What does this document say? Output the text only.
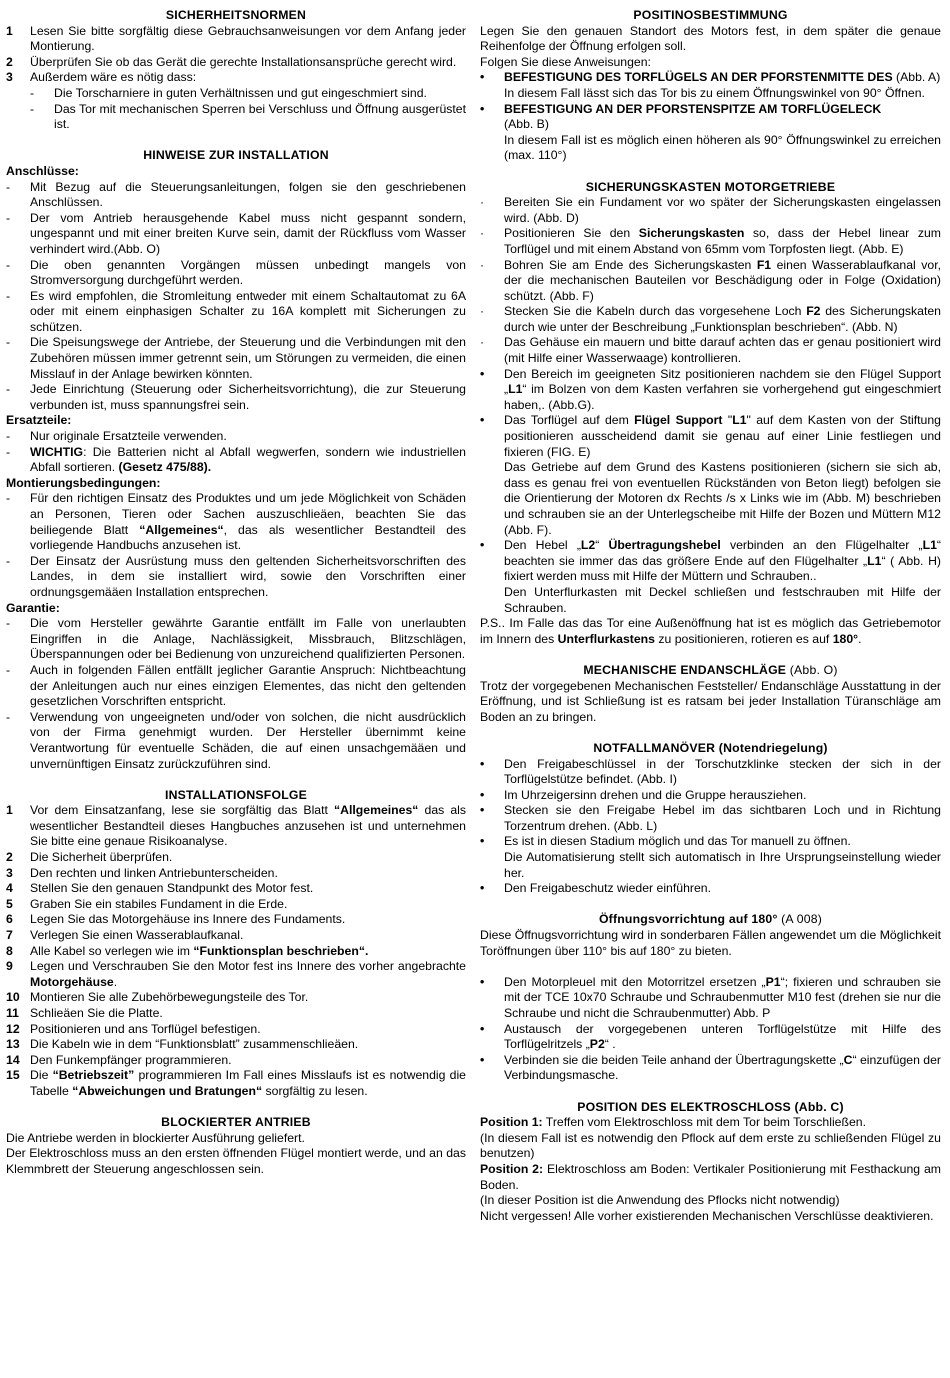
SICHERHEITSNORMEN
1	Lesen Sie bitte sorgfältig diese Gebrauchsanweisungen vor dem Anfang jeder Montierung.
2	Überprüfen Sie ob das Gerät die gerechte Installationsansprüche gerecht wird.
3	Außerdem wäre es nötig dass:
-	Die Torscharniere in guten Verhältnissen und gut eingeschmiert sind.
-	Das Tor mit mechanischen Sperren bei Verschluss und Öffnung ausgerüstet ist.
HINWEISE ZUR INSTALLATION
Anschlüsse:
-	Mit Bezug auf die Steuerungsanleitungen, folgen sie den geschriebenen Anschlüssen.
-	Der vom Antrieb herausgehende Kabel muss nicht gespannt sondern, ungespannt und mit einer breiten Kurve sein, damit der Rückfluss vom Wasser verhindert wird.(Abb. O)
-	Die oben genannten Vorgängen müssen unbedingt mangels von Stromversorgung durchgeführt werden.
-	Es wird empfohlen, die Stromleitung entweder mit einem Schaltautomat zu 6A oder mit einem einphasigen Schalter zu 16A komplett mit Sicherungen zu schützen.
-	Die Speisungswege der Antriebe, der Steuerung und die Verbindungen mit den Zubehören müssen immer getrennt sein, um Störungen zu vermeiden, die einen Misslauf in der Anlage bewirken könnten.
-	Jede Einrichtung (Steuerung oder Sicherheitsvorrichtung), die zur Steuerung verbunden ist, muss spannungsfrei sein.
Ersatzteile:
-	Nur originale Ersatzteile verwenden.
-	WICHTIG: Die Batterien nicht al Abfall wegwerfen, sondern wie industriellen Abfall sortieren. (Gesetz 475/88).
Montierungsbedingungen:
-	Für den richtigen Einsatz des Produktes und um jede Möglichkeit von Schäden an Personen, Tieren oder Sachen auszuschlieäen, beachten Sie das beiliegende Blatt “Allgemeines“, das als wesentlicher Bestandteil des vorliegende Handbuchs anzusehen ist.
-	Der Einsatz der Ausrüstung muss den geltenden Sicherheitsvorschriften des Landes, in dem sie installiert wird, sowie den Vorschriften einer ordnungsgemääen Installation entsprechen.
Garantie:
-	Die vom Hersteller gewährte Garantie entfällt im Falle von unerlaubten Eingriffen in die Anlage, Nachlässigkeit, Missbrauch, Blitzschlägen, Überspannungen oder bei Bedienung von unzureichend qualifizierten Personen.
-	Auch in folgenden Fällen entfällt jeglicher Garantie Anspruch: Nichtbeachtung der Anleitungen auch nur eines einzigen Elementes, das nicht den geltenden gesetzlichen Vorschriften entspricht.
-	Verwendung von ungeeigneten und/oder von solchen, die nicht ausdrücklich von der Firma genehmigt wurden. Der Hersteller übernimmt keine Verantwortung für eventuelle Schäden, die auf einen unsachgemääen und unvernünftigen Einsatz zurückzuführen sind.
INSTALLATIONSFOLGE
1	Vor dem Einsatzanfang, lese sie sorgfältig das Blatt “Allgemeines“ das als wesentlicher Bestandteil dieses Hangbuches anzusehen ist und unternehmen Sie bitte eine genaue Risikoanalyse.
2	Die Sicherheit überprüfen.
3	Den rechten und linken Antriebunterscheiden.
4	Stellen Sie den genauen Standpunkt des Motor fest.
5	Graben Sie ein stabiles Fundament in die Erde.
6	Legen Sie das Motorgehäuse ins Innere des Fundaments.
7	Verlegen Sie einen Wasserablaufkanal.
8	Alle Kabel so verlegen wie im “Funktionsplan beschrieben“.
9	Legen und Verschrauben Sie den Motor fest ins Innere des vorher angebrachte Motorgehäuse.
10 Montieren Sie alle Zubehörbewegungsteile des Tor.
11 Schlieäen Sie die Platte.
12 Positionieren und ans Torflügel befestigen.
13 Die Kabeln wie in dem “Funktionsblatt” zusammenschlieäen.
14 Den Funkempfänger programmieren.
15 Die “Betriebszeit” programmieren Im Fall eines Misslaufs ist es notwendig die Tabelle “Abweichungen und Bratungen“ sorgfältig zu lesen.
BLOCKIERTER ANTRIEB

Die Antriebe werden in blockierter Ausführung geliefert.

Der Elektroschloss muss an den ersten öffnenden Flügel montiert werde, und an das Klemmbrett der Steuerung angeschlossen sein.

POSITINOSBESTIMMUNG

Legen Sie den genauen Standort des Motors fest, in dem später die genaue Reihenfolge der Öffnung erfolgen soll.

Folgen Sie diese Anweisungen:

•	BEFESTIGUNG DES TORFLÜGELS AN DER PFORSTENMITTE DES (Abb. A)

In diesem Fall lässt sich das Tor bis zu einem Öffnungswinkel von 90° Öffnen.

•	BEFESTIGUNG AN DER PFORSTENSPITZE AM TORFLÜGELECK

(Abb. B)

In diesem Fall ist es möglich einen höheren als 90° Öffnungswinkel zu erreichen (max. 110°)

SICHERUNGSKASTEN MOTORGETRIEBE
·	Bereiten Sie ein Fundament vor wo später der Sicherungskasten eingelassen wird. (Abb. D)
·	Positionieren Sie den Sicherungskasten so, dass der Hebel linear zum Torflügel und mit einem Abstand von 65mm vom Torpfosten liegt. (Abb. E)
·	Bohren Sie am Ende des Sicherungskasten F1 einen Wasserablaufkanal vor, der die mechanischen Bauteilen vor Beschädigung oder in Folge (Oxidation) schützt. (Abb. F)
·	Stecken Sie die Kabeln durch das vorgesehene Loch F2 des Sicherungskaten durch wie unter der Beschreibung „Funktionsplan beschrieben“. (Abb. N)
·	Das Gehäuse ein mauern und bitte darauf achten das er genau positioniert wird (mit Hilfe einer Wasserwaage) kontrollieren.
•	Den Bereich im geeigneten Sitz positionieren nachdem sie den Flügel Support „L1“ im Bolzen von dem Kasten verfahren sie vorhergehend gut eingeschmiert haben,. (Abb.G).
•	Das Torflügel auf dem Flügel Support "L1" auf dem Kasten von der Stiftung positionieren ausscheidend damit sie genau auf einer Linie festliegen und fixieren (FIG. E)

Das Getriebe auf dem Grund des Kastens positionieren (sichern sie sich ab, dass es genau frei von eventuellen Rückständen von Beton liegt) befolgen sie die Orientierung der Motoren dx Rechts /s x Links wie im (Abb. M) beschrieben und schrauben sie an der Unterlegscheibe mit Hilfe der Bozen und Müttern M12 (Abb. F).

•	Den Hebel „L2“ Übertragungshebel verbinden an den Flügelhalter „L1“ beachten sie immer das das größere Ende auf den Flügelhalter „L1“ ( Abb. H) fixiert werden muss mit Hilfe der Müttern und Schrauben..

Den Unterflurkasten mit Deckel schließen und festschrauben mit Hilfe der Schrauben.

P.S.. Im Falle das das Tor eine Außenöffnung hat ist es möglich das Getriebemotor im Innern des Unterflurkastens zu positionieren, rotieren es auf 180°.

MECHANISCHE ENDANSCHLÄGE (Abb. O)

Trotz der vorgegebenen Mechanischen Feststeller/ Endanschläge Ausstattung in der Eröffnung, und ist Schließung ist es ratsam bei jeder Installation Türanschläge am Boden an zu bringen.

NOTFALLMANÖVER (Notendriegelung)
•	Den Freigabeschlüssel in der Torschutzklinke stecken der sich in der Torflügelstütze befindet. (Abb. I)
•	Im Uhrzeigersinn drehen und die Gruppe herausziehen.
•	Stecken sie den Freigabe Hebel im das sichtbaren Loch und in Richtung Torzentrum drehen. (Abb. L)
•	Es ist in diesen Stadium möglich und das Tor manuell zu öffnen.

Die Automatisierung stellt sich automatisch in Ihre Ursprungseinstellung wieder her.

•	Den Freigabeschutz wieder einführen.
Öffnungsvorrichtung auf 180° (A 008)

Diese Öffnugsvorrichtung wird in sonderbaren Fällen angewendet um die Möglichkeit Toröffnungen über 110° bis auf 180° zu bieten.

•	Den Motorpleuel mit den Motorritzel ersetzen „P1“; fixieren und schrauben sie mit der TCE 10x70 Schraube und Schraubenmutter M10 fest (drehen sie nur die Schraube und nicht die Schraubenmutter) Abb. P
•	Austausch der vorgegebenen unteren Torflügelstütze mit Hilfe des Torflügelritzels „P2“ .
•	Verbinden sie die beiden Teile anhand der Übertragungskette „C“ einzufügen der Verbindungsmasche.
POSITION DES ELEKTROSCHLOSS (Abb. C)

Position 1: Treffen vom Elektroschloss mit dem Tor beim Torschließen.

(In diesem Fall ist es notwendig den Pflock auf dem erste zu schließenden Flügel zu benutzen)

Position 2: Elektroschloss am Boden: Vertikaler Positionierung mit Festhackung am Boden.

(In dieser Position ist die Anwendung des Pflocks nicht notwendig)

Nicht vergessen! Alle vorher existierenden Mechanischen Verschlüsse deaktivieren.
